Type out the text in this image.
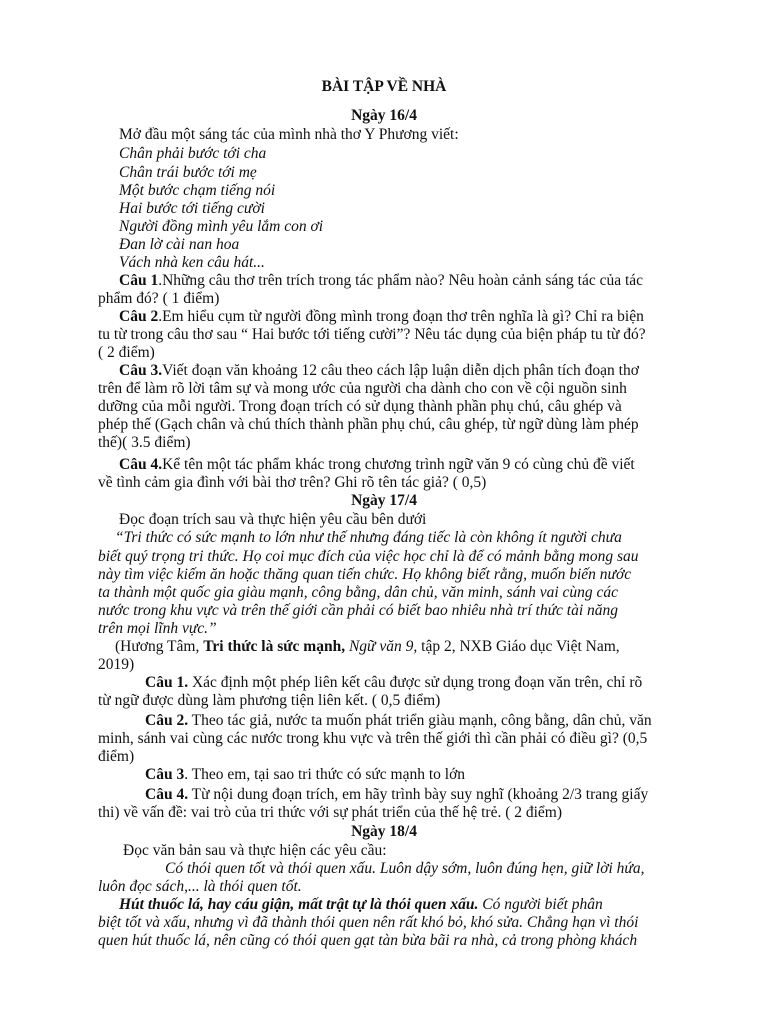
BÀI TẬP VỀ NHÀ
Ngày 16/4
Mở đầu một sáng tác của mình nhà thơ Y Phương viết:
Chân phải bước tới cha
Chân trái bước tới mẹ
Một bước chạm tiếng nói
Hai bước tới tiếng cười
Người đồng mình yêu lắm con ơi
Đan lờ cài nan hoa
Vách nhà ken câu hát...
Câu 1.Những câu thơ trên trích trong tác phẩm nào? Nêu hoàn cảnh sáng tác của tác
phẩm đó? ( 1 điểm)
Câu 2.Em hiểu cụm từ người đồng mình trong đoạn thơ trên nghĩa là gì? Chỉ ra biện
tu từ trong câu thơ sau “ Hai bước tới tiếng cười”? Nêu tác dụng của biện pháp tu từ đó?
( 2 điểm)
Câu 3.Viết đoạn văn khoảng 12 câu theo cách lập luận diễn dịch phân tích đoạn thơ
trên để làm rõ lời tâm sự và mong ước của người cha dành cho con về cội nguồn sinh
dưỡng của mỗi người. Trong đoạn trích có sử dụng thành phần phụ chú, câu ghép và
phép thế (Gạch chân và chú thích thành phần phụ chú, câu ghép, từ ngữ dùng làm phép
thế)( 3.5 điểm)
Câu 4.Kể tên một tác phẩm khác trong chương trình ngữ văn 9 có cùng chủ đề viết
về tình cảm gia đình với bài thơ trên? Ghi rõ tên tác giả? ( 0,5)
Ngày 17/4
Đọc đoạn trích sau và thực hiện yêu cầu bên dưới
“Tri thức có sức mạnh to lớn như thế nhưng đáng tiếc là còn không ít người chưa
biết quý trọng tri thức. Họ coi mục đích của việc học chỉ là để có mảnh bằng mong sau
này tìm việc kiếm ăn hoặc thăng quan tiến chức. Họ không biết rằng, muốn biến nước
ta thành một quốc gia giàu mạnh, công bằng, dân chủ, văn minh, sánh vai cùng các
nước trong khu vực và trên thế giới cần phải có biết bao nhiêu nhà trí thức tài năng
trên mọi lĩnh vực.”
(Hương Tâm, Tri thức là sức mạnh, Ngữ văn 9, tập 2, NXB Giáo dục Việt Nam,
2019)
Câu 1. Xác định một phép liên kết câu được sử dụng trong đoạn văn trên, chỉ rõ
từ ngữ được dùng làm phương tiện liên kết. ( 0,5 điểm)
Câu 2. Theo tác giả, nước ta muốn phát triển giàu mạnh, công bằng, dân chủ, văn
minh, sánh vai cùng các nước trong khu vực và trên thế giới thì cần phải có điều gì? (0,5
điểm)
Câu 3. Theo em, tại sao tri thức có sức mạnh to lớn
Câu 4. Từ nội dung đoạn trích, em hãy trình bày suy nghĩ (khoảng 2/3 trang giấy
thi) về vấn đề: vai trò của tri thức với sự phát triển của thế hệ trẻ. ( 2 điểm)
Ngày 18/4
Đọc văn bản sau và thực hiện các yêu cầu:
Có thói quen tốt và thói quen xấu. Luôn dậy sớm, luôn đúng hẹn, giữ lời hứa,
luôn đọc sách,... là thói quen tốt.
Hút thuốc lá, hay cáu giận, mất trật tự là thói quen xấu. Có người biết phân
biệt tốt và xấu, nhưng vì đã thành thói quen nên rất khó bỏ, khó sửa. Chẳng hạn vì thói
quen hút thuốc lá, nên cũng có thói quen gạt tàn bừa bãi ra nhà, cả trong phòng khách
